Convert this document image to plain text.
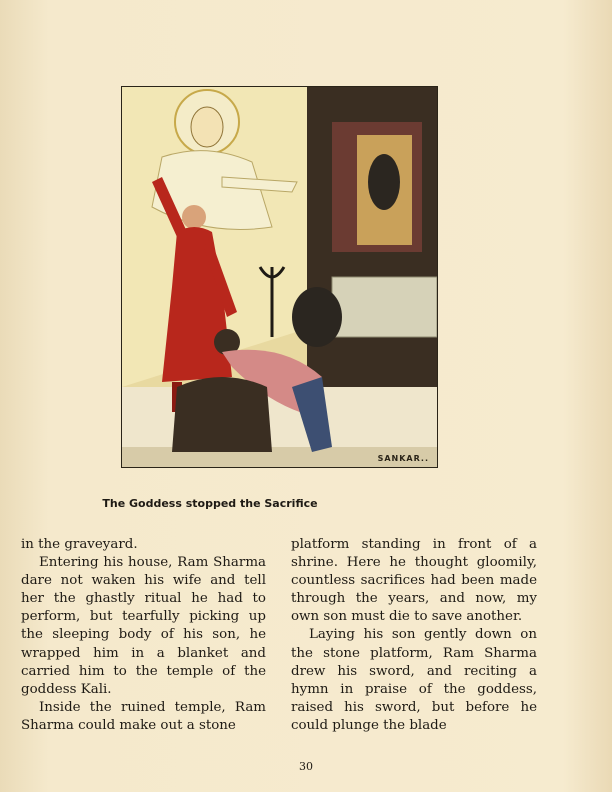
SANKAR..
The Goddess stopped the Sacrifice

in the graveyard.

Entering his house, Ram Sharma dare not waken his wife and tell her the ghastly ritual he had to perform, but tearfully picking up the sleeping body of his son, he wrapped him in a blanket and carried him to the temple of the goddess Kali.

Inside the ruined temple, Ram Sharma could make out a stone

platform standing in front of a shrine. Here he thought gloomily, countless sacrifices had been made through the years, and now, my own son must die to save another.

Laying his son gently down on the stone platform, Ram Sharma drew his sword, and reciting a hymn in praise of the goddess, raised his sword, but before he could plunge the blade

30
